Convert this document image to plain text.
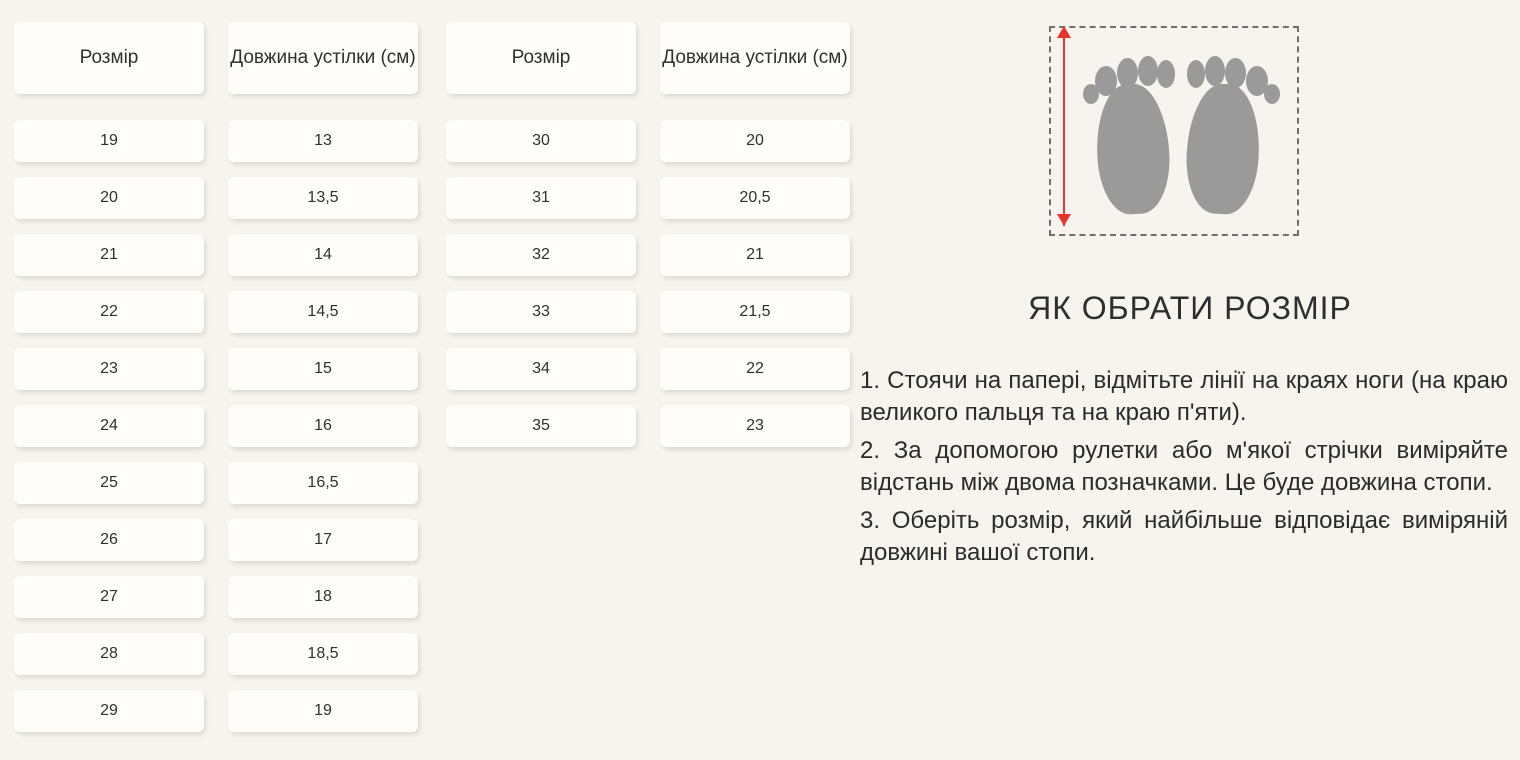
Розмір
19
20
21
22
23
24
25
26
27
28
29
Довжина устілки (см)
13
13,5
14
14,5
15
16
16,5
17
18
18,5
19
Розмір
30
31
32
33
34
35
Довжина устілки (см)
20
20,5
21
21,5
22
23
ЯК ОБРАТИ РОЗМІР

1. Стоячи на папері, відмітьте лінії на краях ноги (на краю великого пальця та на краю п'яти).

2. За допомогою рулетки або м'якої стрічки виміряйте відстань між двома позначками. Це буде довжина стопи.

3. Оберіть розмір, який найбільше відповідає виміряній довжині вашої стопи.
